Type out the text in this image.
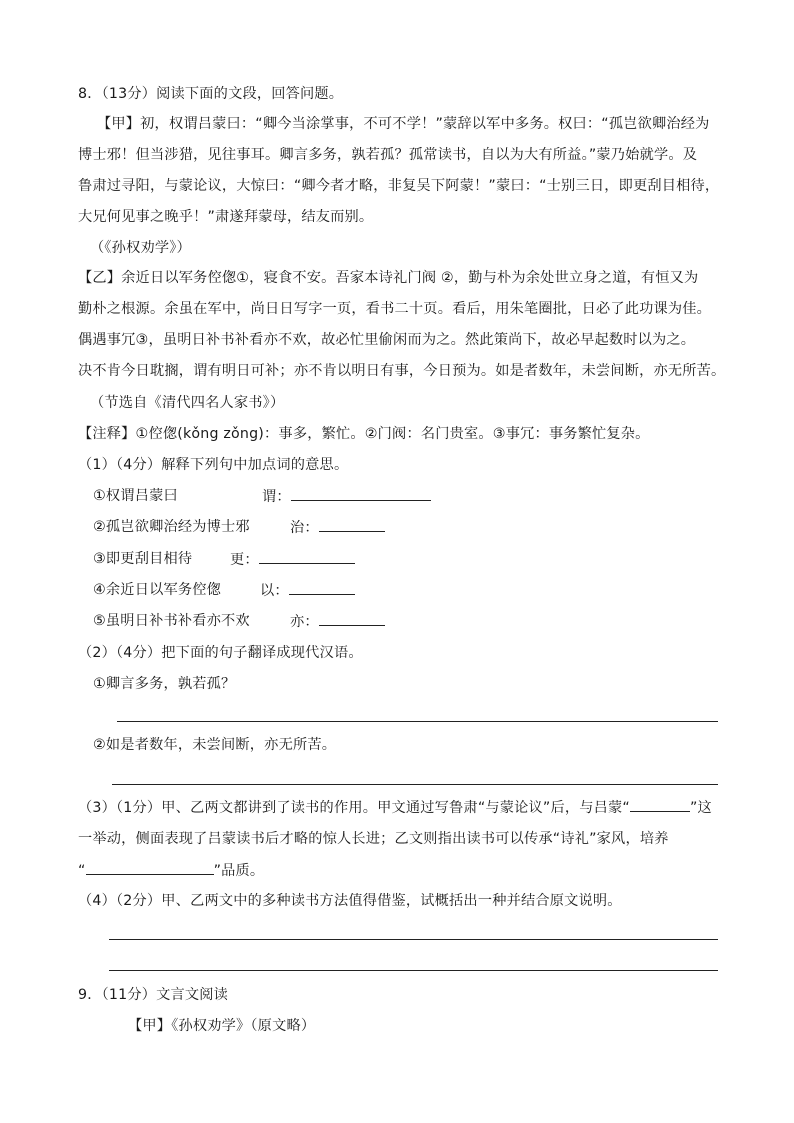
8．（13分）阅读下面的文段，回答问题。
【甲】初，权谓吕蒙曰：“卿今当涂掌事，不可不学！”蒙辞以军中多务。权曰：“孤岂欲卿治经为
博士邪！但当涉猎，见往事耳。卿言多务，孰若孤？孤常读书，自以为大有所益。”蒙乃始就学。及
鲁肃过寻阳，与蒙论议，大惊曰：“卿今者才略，非复吴下阿蒙！”蒙曰：“士别三日，即更刮目相待，
大兄何见事之晚乎！”肃遂拜蒙母，结友而别。
（《孙权劝学》）
【乙】余近日以军务倥偬①，寝食不安。吾家本诗礼门阀 ②，勤与朴为余处世立身之道，有恒又为
勤朴之根源。余虽在军中，尚日日写字一页，看书二十页。看后，用朱笔圈批，日必了此功课为佳。
偶遇事冗③，虽明日补书补看亦不欢，故必忙里偷闲而为之。然此策尚下，故必早起数时以为之。
决不肯今日耽搁，谓有明日可补；亦不肯以明日有事，今日预为。如是者数年，未尝间断，亦无所苦。
（节选自《清代四名人家书》）
【注释】①倥偬(kǒng zǒng)：事多，繁忙。②门阀：名门贵室。③事冗：事务繁忙复杂。
（1）（4分）解释下列句中加点词的意思。
①权谓吕蒙曰	谓：
②孤岂欲卿治经为博士邪	治：
③即更刮目相待	更：
④余近日以军务倥偬	以：
⑤虽明日补书补看亦不欢	亦：
（2）（4分）把下面的句子翻译成现代汉语。
①卿言多务，孰若孤？
②如是者数年，未尝间断，亦无所苦。
（3）（1分）甲、乙两文都讲到了读书的作用。甲文通过写鲁肃“与蒙论议”后，与吕蒙“	”这
一举动，侧面表现了吕蒙读书后才略的惊人长进；乙文则指出读书可以传承“诗礼”家风，培养
“	”品质。
（4）（2分）甲、乙两文中的多种读书方法值得借鉴，试概括出一种并结合原文说明。
9．（11分）文言文阅读
【甲】《孙权劝学》（原文略）
